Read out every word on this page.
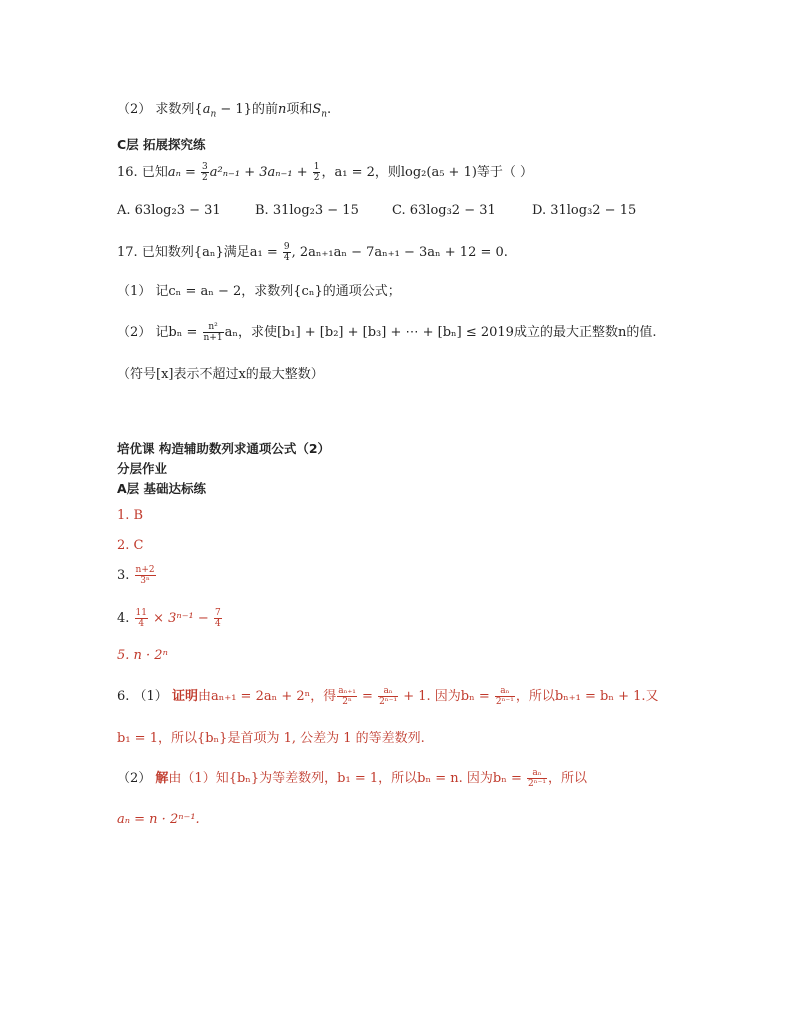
（2） 求数列$\{a_n - 1\}$的前n项和$S_n$.
C层 拓展探究练
16. 已知$a_n = \frac{3}{2} a^2_{n-1} + 3a_{n-1} + \frac{1}{2}$ ，a₁ = 2，则log₂(a₅ + 1)等于（ ）
A. 63log₂3 − 31	B. 31log₂3 − 15	C. 63log₃2 − 31	D. 31log₃2 − 15
17. 已知数列{aₙ}满足$a_1 = \frac{9}{4}$ , 2aₙ₊₁aₙ − 7aₙ₊₁ − 3aₙ + 12 = 0.
（1） 记cₙ = aₙ − 2，求数列{cₙ}的通项公式；
（2） 记$b_n = \frac{\text{n²}}{n+1}$ aₙ，求使[b₁] + [b₂] + [b₃] + ⋯ + [bₙ] ≤ 2019成立的最大正整数n的值.
（符号[x]表示不超过x的最大整数）
培优课 构造辅助数列求通项公式（2）
分层作业
A层 基础达标练
1. B
2. C
3. $\frac{n+2}{\text{3ⁿ}}$
4. $\frac{11}{4} \times 3^{n-1} - \frac{7}{4}$
5. n · 2ⁿ
6. （1） 证明由aₙ₊₁ = 2aₙ + 2ⁿ，得 $\frac{\text{aₙ₊₁}}{\text{2ⁿ}} = \frac{\text{aₙ}}{\text{2ⁿ⁻¹}} + 1$. 因为$b_n = \frac{\text{aₙ}}{\text{2ⁿ⁻¹}}$ ，所以bₙ₊₁ = bₙ + 1.又
b₁ = 1，所以{bₙ}是首项为 1, 公差为 1 的等差数列.
（2） 解由（1）知{bₙ}为等差数列，b₁ = 1，所以bₙ = n. 因为$b_n = \frac{\text{aₙ}}{\text{2ⁿ⁻¹}}$ ，所以
aₙ = n · 2ⁿ⁻¹.
